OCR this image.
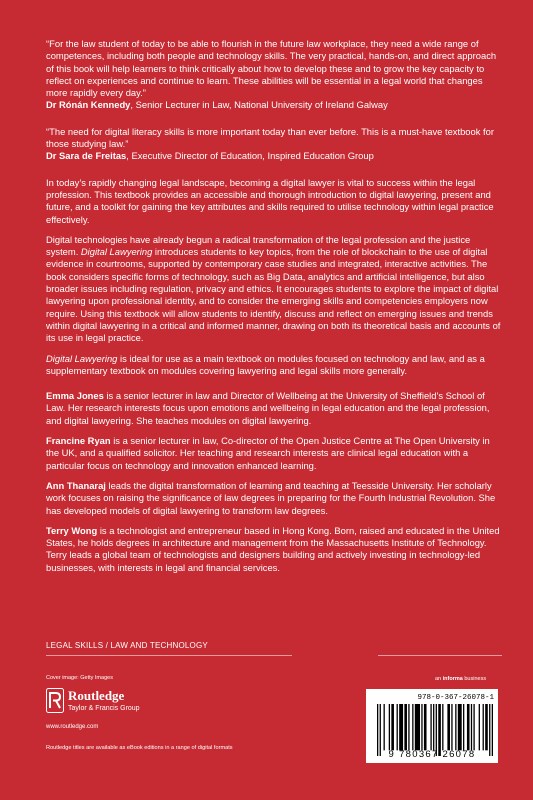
“For the law student of today to be able to flourish in the future law workplace, they need a wide range of competences, including both people and technology skills. The very practical, hands-on, and direct approach of this book will help learners to think critically about how to develop these and to grow the key capacity to reflect on experiences and continue to learn. These abilities will be essential in a legal world that changes more rapidly every day.”

Dr Rónán Kennedy, Senior Lecturer in Law, National University of Ireland Galway

“The need for digital literacy skills is more important today than ever before. This is a must-have textbook for those studying law.”

Dr Sara de Freitas, Executive Director of Education, Inspired Education Group

In today’s rapidly changing legal landscape, becoming a digital lawyer is vital to success within the legal profession. This textbook provides an accessible and thorough introduction to digital lawyering, present and future, and a toolkit for gaining the key attributes and skills required to utilise technology within legal practice effectively.

Digital technologies have already begun a radical transformation of the legal profession and the justice system. Digital Lawyering introduces students to key topics, from the role of blockchain to the use of digital evidence in courtrooms, supported by contemporary case studies and integrated, interactive activities. The book considers specific forms of technology, such as Big Data, analytics and artificial intelligence, but also broader issues including regulation, privacy and ethics. It encourages students to explore the impact of digital lawyering upon professional identity, and to consider the emerging skills and competencies employers now require. Using this textbook will allow students to identify, discuss and reflect on emerging issues and trends within digital lawyering in a critical and informed manner, drawing on both its theoretical basis and accounts of its use in legal practice.

Digital Lawyering is ideal for use as a main textbook on modules focused on technology and law, and as a supplementary textbook on modules covering lawyering and legal skills more generally.

Emma Jones is a senior lecturer in law and Director of Wellbeing at the University of Sheffield’s School of Law. Her research interests focus upon emotions and wellbeing in legal education and the legal profession, and digital lawyering. She teaches modules on digital lawyering.

Francine Ryan is a senior lecturer in law, Co-director of the Open Justice Centre at The Open University in the UK, and a qualified solicitor. Her teaching and research interests are clinical legal education with a particular focus on technology and innovation enhanced learning.

Ann Thanaraj leads the digital transformation of learning and teaching at Teesside University. Her scholarly work focuses on raising the significance of law degrees in preparing for the Fourth Industrial Revolution. She has developed models of digital lawyering to transform law degrees.

Terry Wong is a technologist and entrepreneur based in Hong Kong. Born, raised and educated in the United States, he holds degrees in architecture and management from the Massachusetts Institute of Technology. Terry leads a global team of technologists and designers building and actively investing in technology-led businesses, with interests in legal and financial services.

LEGAL SKILLS / LAW AND TECHNOLOGY
Cover image: Getty Images
Routledge
Taylor & Francis Group
www.routledge.com
Routledge titles are available as eBook editions in a range of digital formats
an informa business
978-0-367-26078-1
9 780367 26078
